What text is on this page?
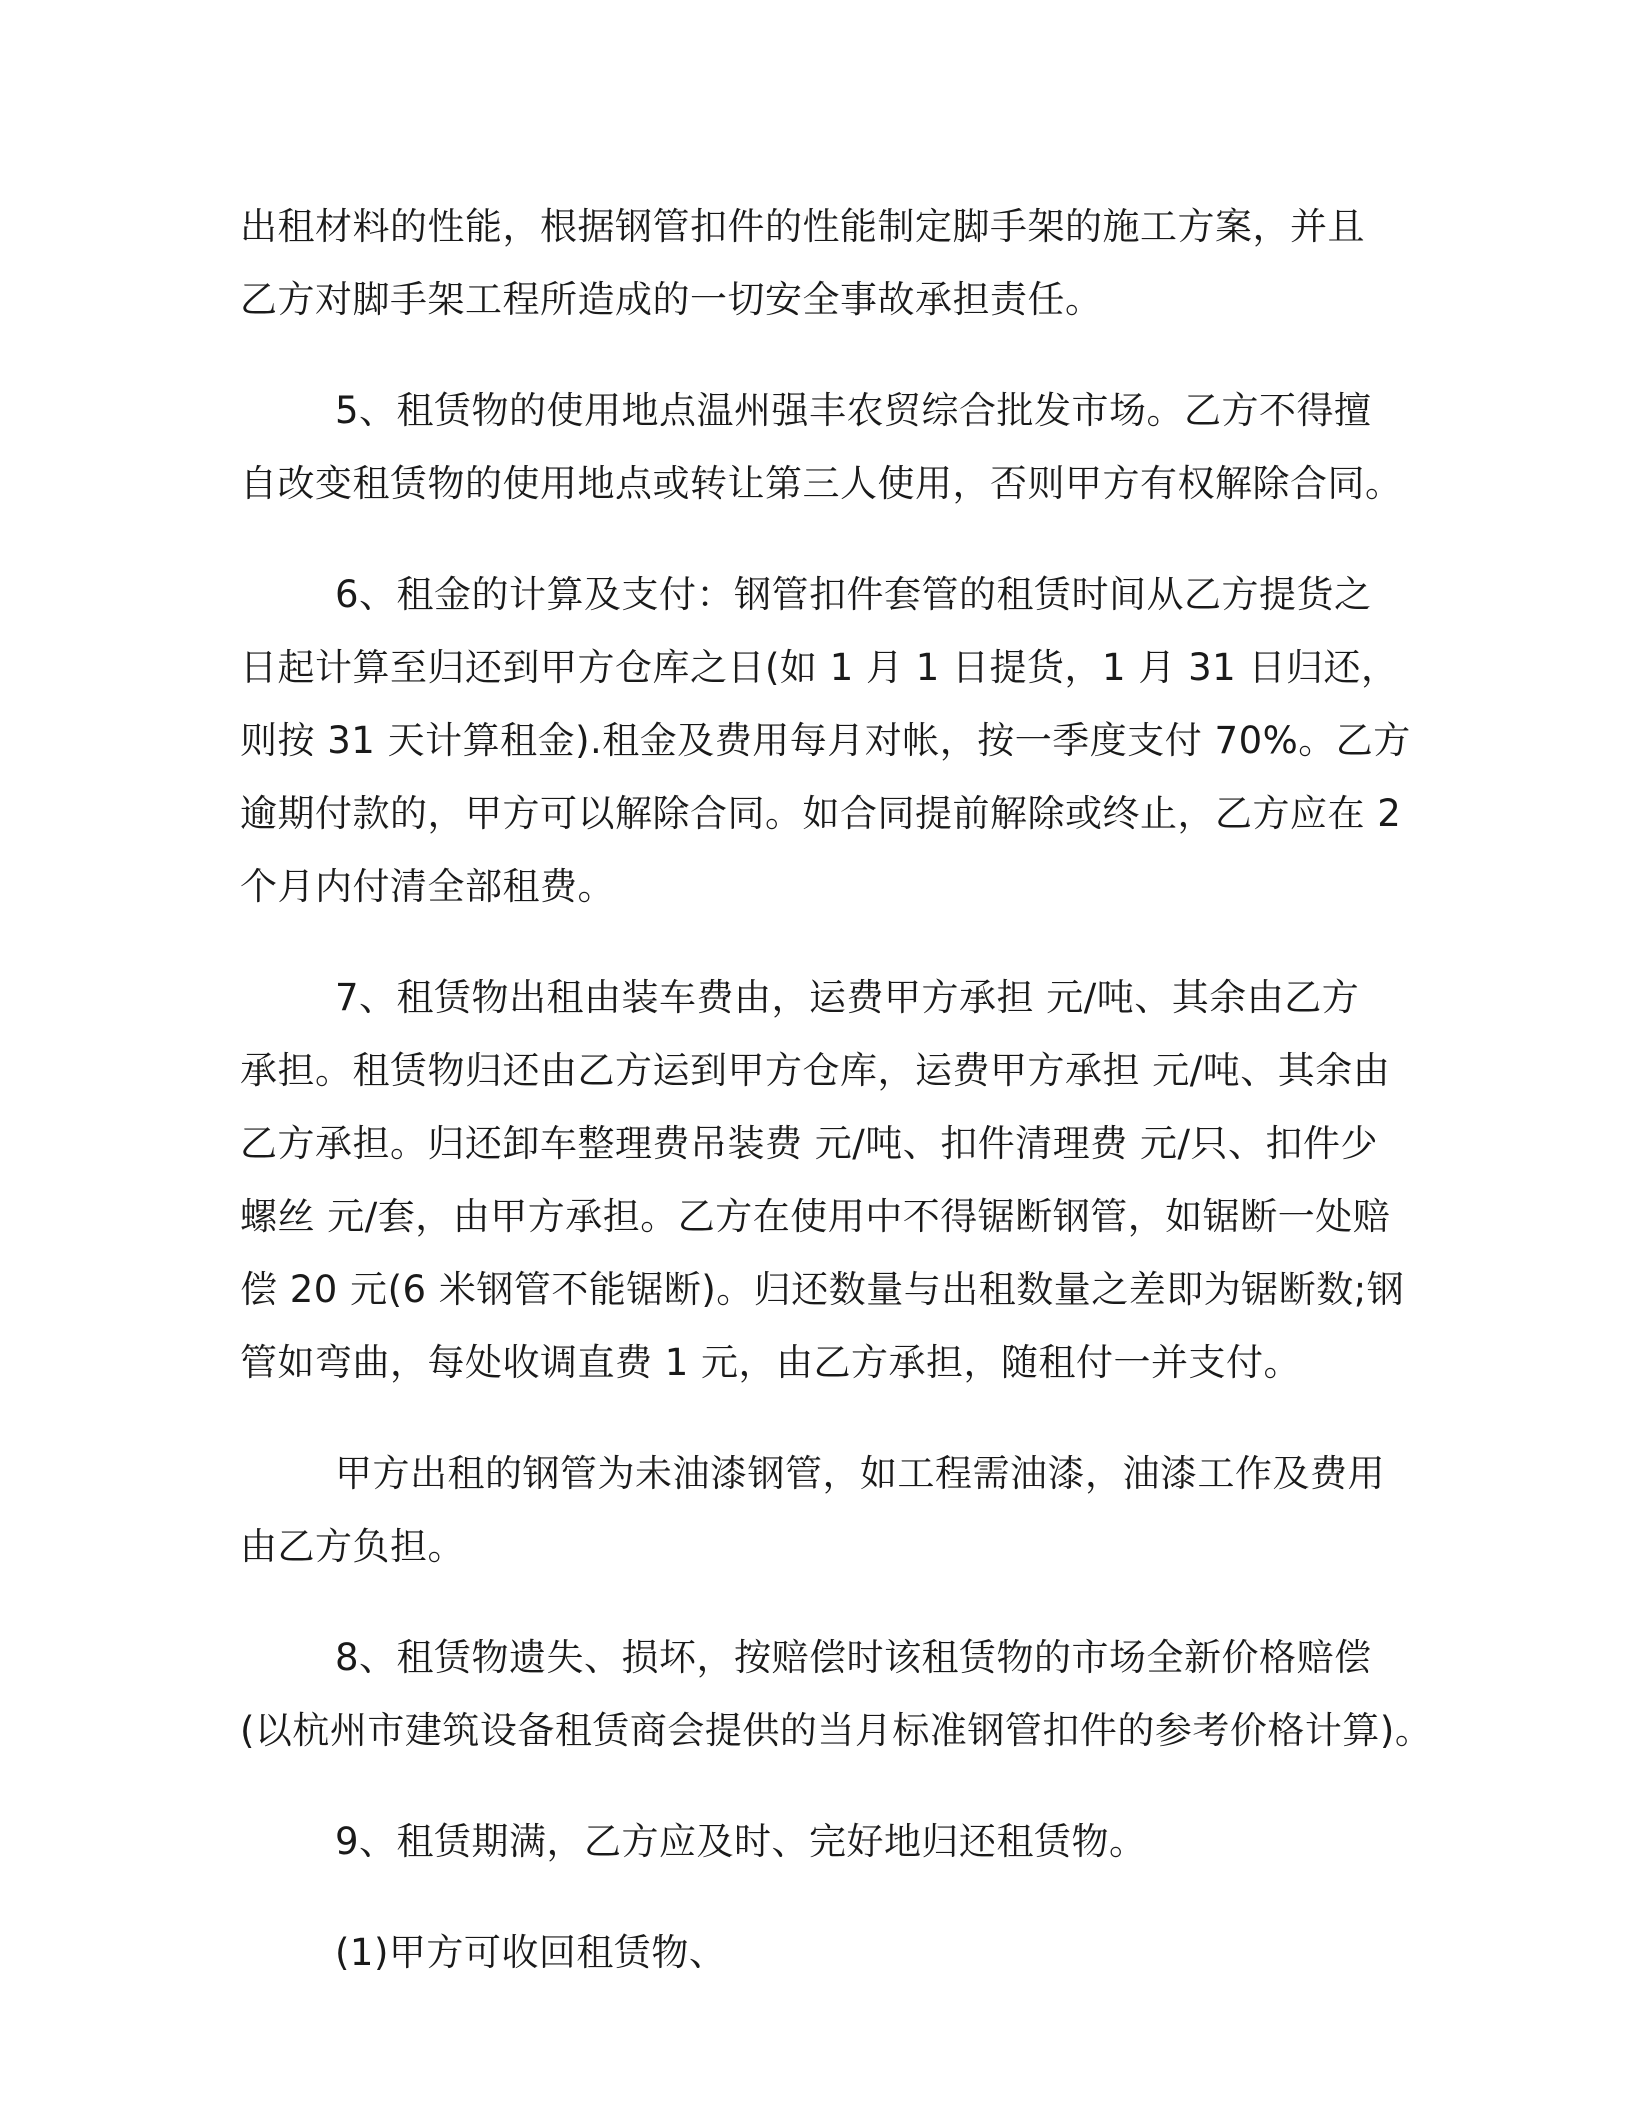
出租材料的性能，根据钢管扣件的性能制定脚手架的施工方案，并且
乙方对脚手架工程所造成的一切安全事故承担责任。
5、租赁物的使用地点温州强丰农贸综合批发市场。乙方不得擅
自改变租赁物的使用地点或转让第三人使用，否则甲方有权解除合同。
6、租金的计算及支付：钢管扣件套管的租赁时间从乙方提货之
日起计算至归还到甲方仓库之日(如 1 月 1 日提货，1 月 31 日归还，
则按 31 天计算租金).租金及费用每月对帐，按一季度支付 70%。乙方
逾期付款的，甲方可以解除合同。如合同提前解除或终止，乙方应在 2
个月内付清全部租费。
7、租赁物出租由装车费由，运费甲方承担 元/吨、其余由乙方
承担。租赁物归还由乙方运到甲方仓库，运费甲方承担 元/吨、其余由
乙方承担。归还卸车整理费吊装费 元/吨、扣件清理费 元/只、扣件少
螺丝 元/套，由甲方承担。乙方在使用中不得锯断钢管，如锯断一处赔
偿 20 元(6 米钢管不能锯断)。归还数量与出租数量之差即为锯断数;钢
管如弯曲，每处收调直费 1 元，由乙方承担，随租付一并支付。
甲方出租的钢管为未油漆钢管，如工程需油漆，油漆工作及费用
由乙方负担。
8、租赁物遗失、损坏，按赔偿时该租赁物的市场全新价格赔偿
(以杭州市建筑设备租赁商会提供的当月标准钢管扣件的参考价格计算)。
9、租赁期满，乙方应及时、完好地归还租赁物。
(1)甲方可收回租赁物、
